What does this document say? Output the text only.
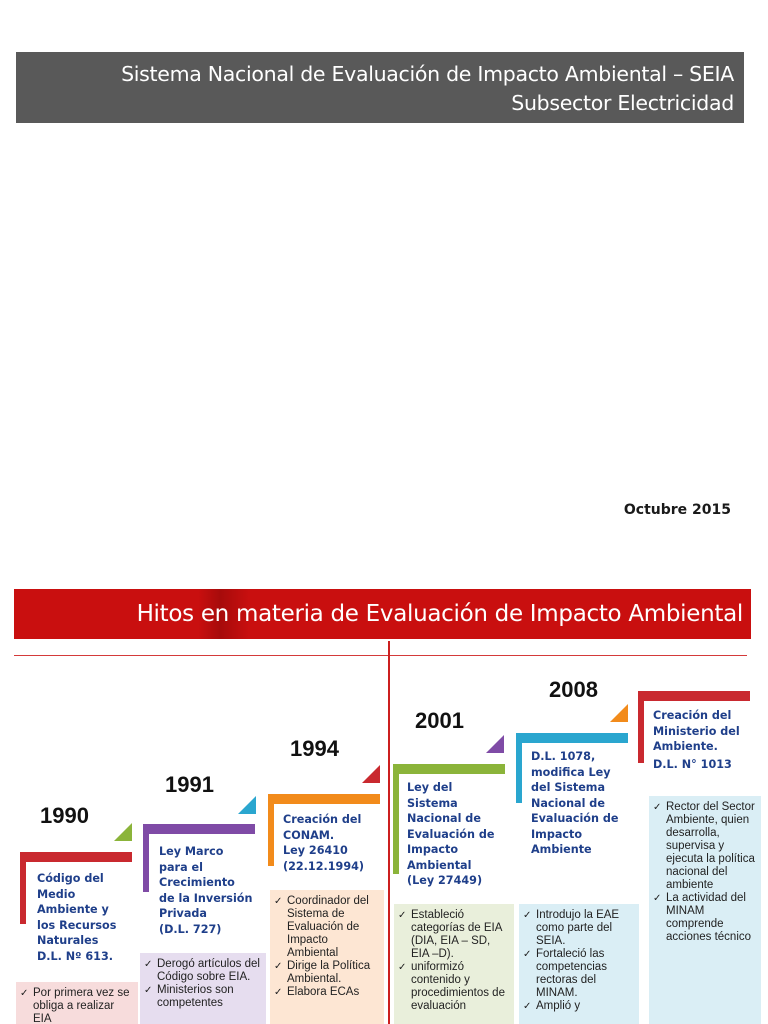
Sistema Nacional de Evaluación de Impacto Ambiental – SEIA
Subsector Electricidad
Octubre 2015
Hitos en materia de Evaluación de Impacto Ambiental
1990
Código del
Medio
Ambiente y
los Recursos
Naturales
D.L. Nº 613.
✓ Por primera vez se obliga a realizar EIA
1991
Ley Marco
para el
Crecimiento
de la Inversión
Privada
(D.L. 727)
✓ Derogó artículos del Código sobre EIA.
✓ Ministerios son competentes
1994
Creación del
CONAM.
Ley 26410
(22.12.1994)
✓ Coordinador del Sistema de Evaluación de Impacto Ambiental
✓ Dirige la Política Ambiental.
✓ Elabora ECAs
2001
Ley del
Sistema
Nacional de
Evaluación de
Impacto
Ambiental
(Ley 27449)
✓ Estableció categorías de EIA (DIA, EIA – SD, EIA –D).
✓ uniformizó contenido y procedimientos de evaluación
2008
D.L. 1078,
modifica Ley
del Sistema
Nacional de
Evaluación de
Impacto
Ambiente
✓ Introdujo la EAE como parte del SEIA.
✓ Fortaleció las competencias rectoras del MINAM.
✓ Amplió y
Creación del
Ministerio del
Ambiente.
D.L. N° 1013
✓ Rector del Sector Ambiente, quien desarrolla, supervisa y ejecuta la política nacional del ambiente
✓ La actividad del MINAM comprende acciones técnico
